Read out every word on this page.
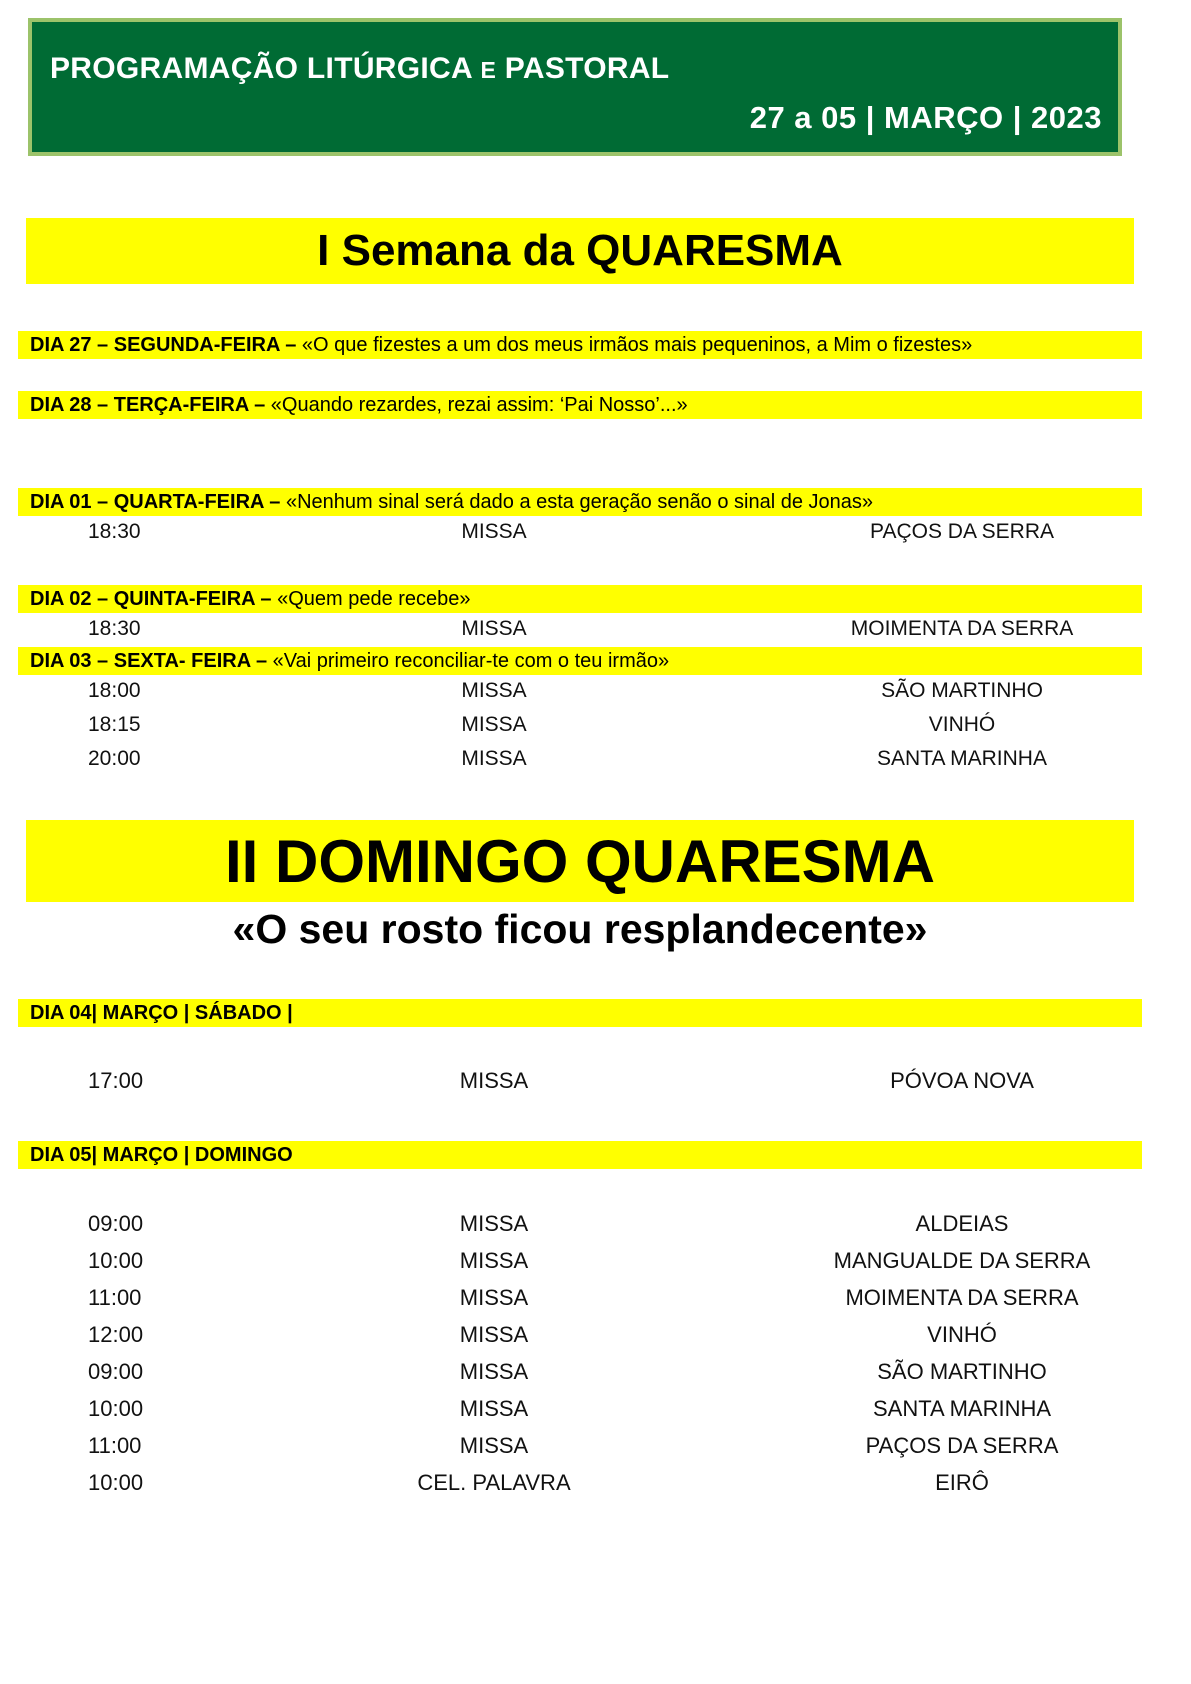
PROGRAMAÇÃO LITÚRGICA E PASTORAL
27 a 05 | MARÇO | 2023
I Semana da QUARESMA
DIA 27 – SEGUNDA-FEIRA – «O que fizestes a um dos meus irmãos mais pequeninos, a Mim o fizestes»
DIA 28 – TERÇA-FEIRA – «Quando rezardes, rezai assim: ‘Pai Nosso’...»
DIA 01 – QUARTA-FEIRA – «Nenhum sinal será dado a esta geração senão o sinal de Jonas»
18:30	MISSA	PAÇOS DA SERRA
DIA 02 – QUINTA-FEIRA – «Quem pede recebe»
18:30	MISSA	MOIMENTA DA SERRA
DIA 03 – SEXTA- FEIRA – «Vai primeiro reconciliar-te com o teu irmão»
18:00	MISSA	SÃO MARTINHO
18:15	MISSA	VINHÓ
20:00	MISSA	SANTA MARINHA
II DOMINGO QUARESMA
«O seu rosto ficou resplandecente»
DIA 04| MARÇO | SÁBADO |
17:00	MISSA	PÓVOA NOVA
DIA 05| MARÇO | DOMINGO
09:00	MISSA	ALDEIAS
10:00	MISSA	MANGUALDE DA SERRA
11:00	MISSA	MOIMENTA DA SERRA
12:00	MISSA	VINHÓ
09:00	MISSA	SÃO MARTINHO
10:00	MISSA	SANTA MARINHA
11:00	MISSA	PAÇOS DA SERRA
10:00	CEL. PALAVRA	EIRÔ
